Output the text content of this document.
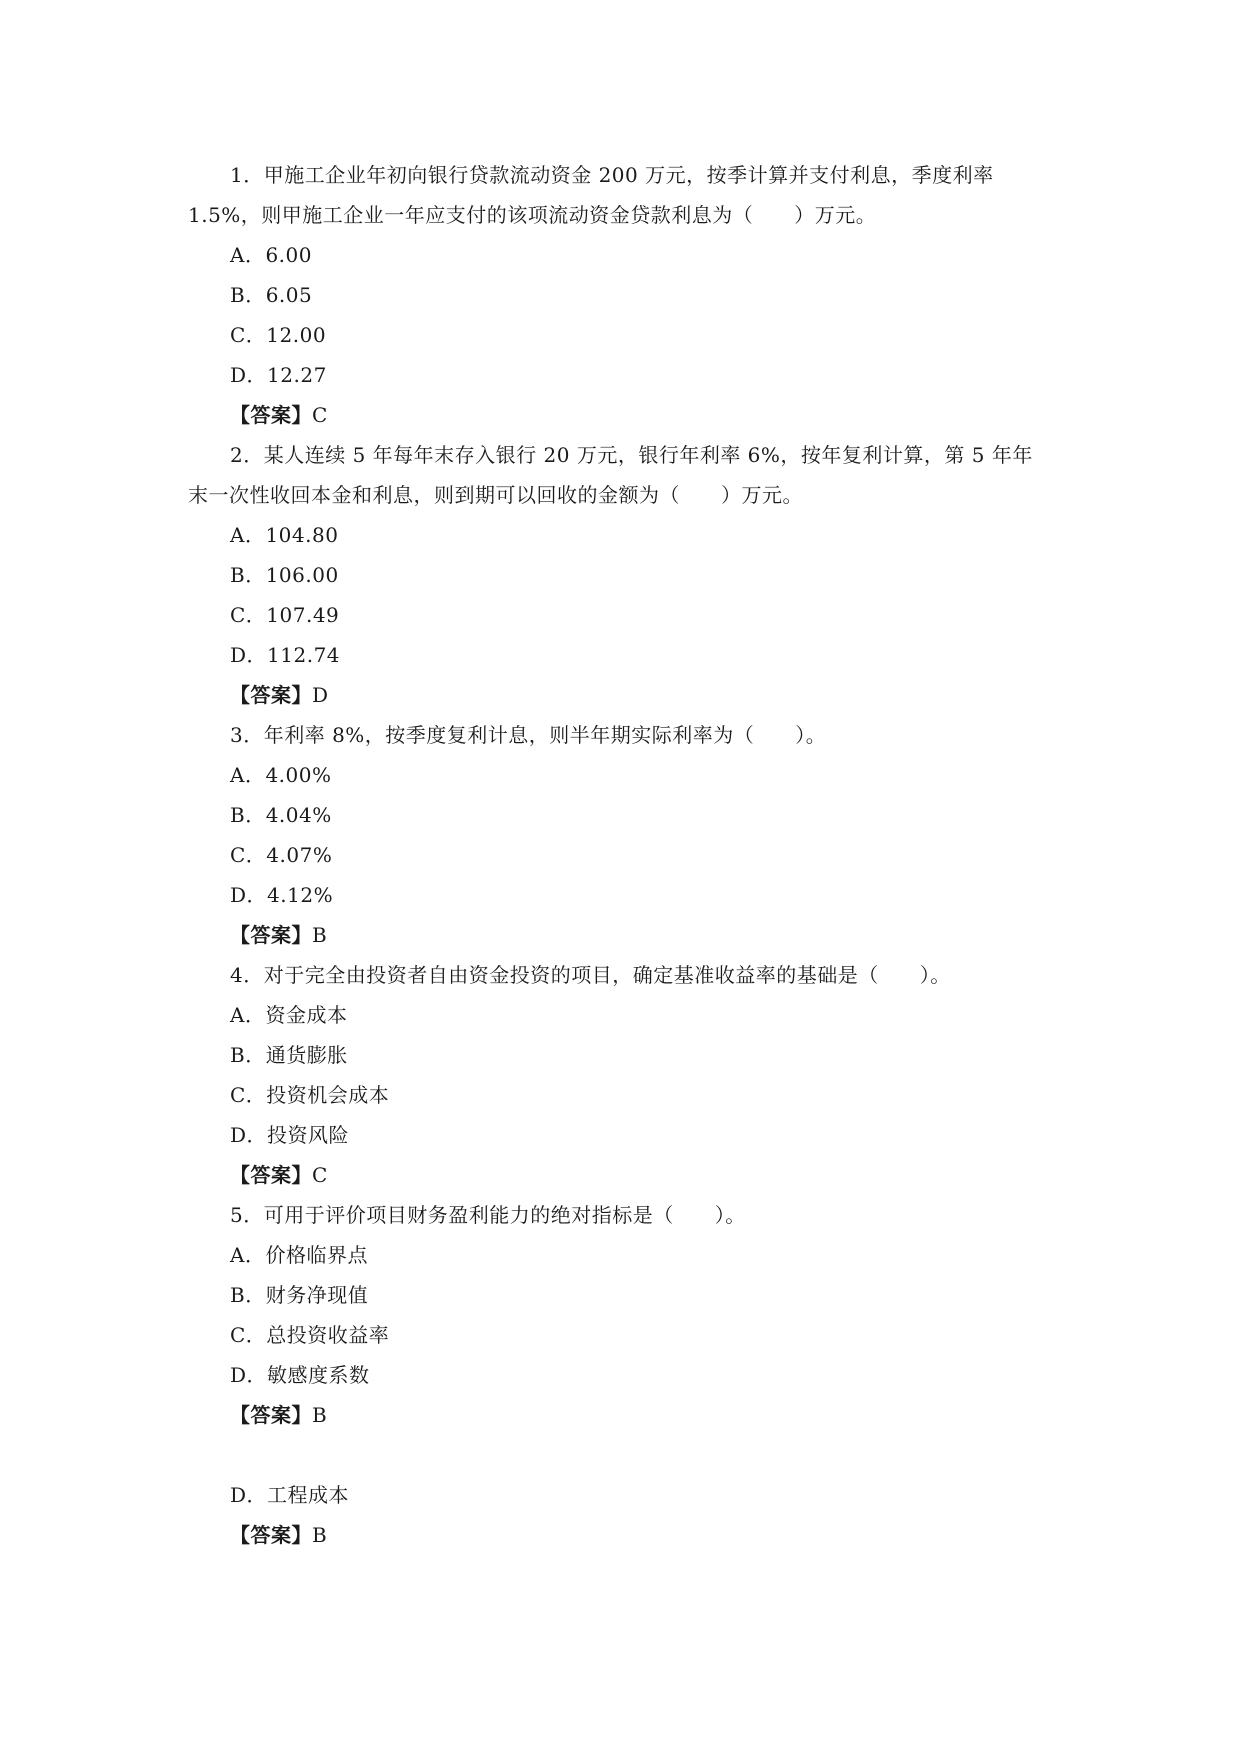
1．甲施工企业年初向银行贷款流动资金 200 万元，按季计算并支付利息，季度利率
1.5%，则甲施工企业一年应支付的该项流动资金贷款利息为（　　）万元。
A．6.00
B．6.05
C．12.00
D．12.27
【答案】C
2．某人连续 5 年每年末存入银行 20 万元，银行年利率 6%，按年复利计算，第 5 年年
末一次性收回本金和利息，则到期可以回收的金额为（　　）万元。
A．104.80
B．106.00
C．107.49
D．112.74
【答案】D
3．年利率 8%，按季度复利计息，则半年期实际利率为（　　）。
A．4.00%
B．4.04%
C．4.07%
D．4.12%
【答案】B
4．对于完全由投资者自由资金投资的项目，确定基准收益率的基础是（　　）。
A．资金成本
B．通货膨胀
C．投资机会成本
D．投资风险
【答案】C
5．可用于评价项目财务盈利能力的绝对指标是（　　）。
A．价格临界点
B．财务净现值
C．总投资收益率
D．敏感度系数
【答案】B
D．工程成本
【答案】B
